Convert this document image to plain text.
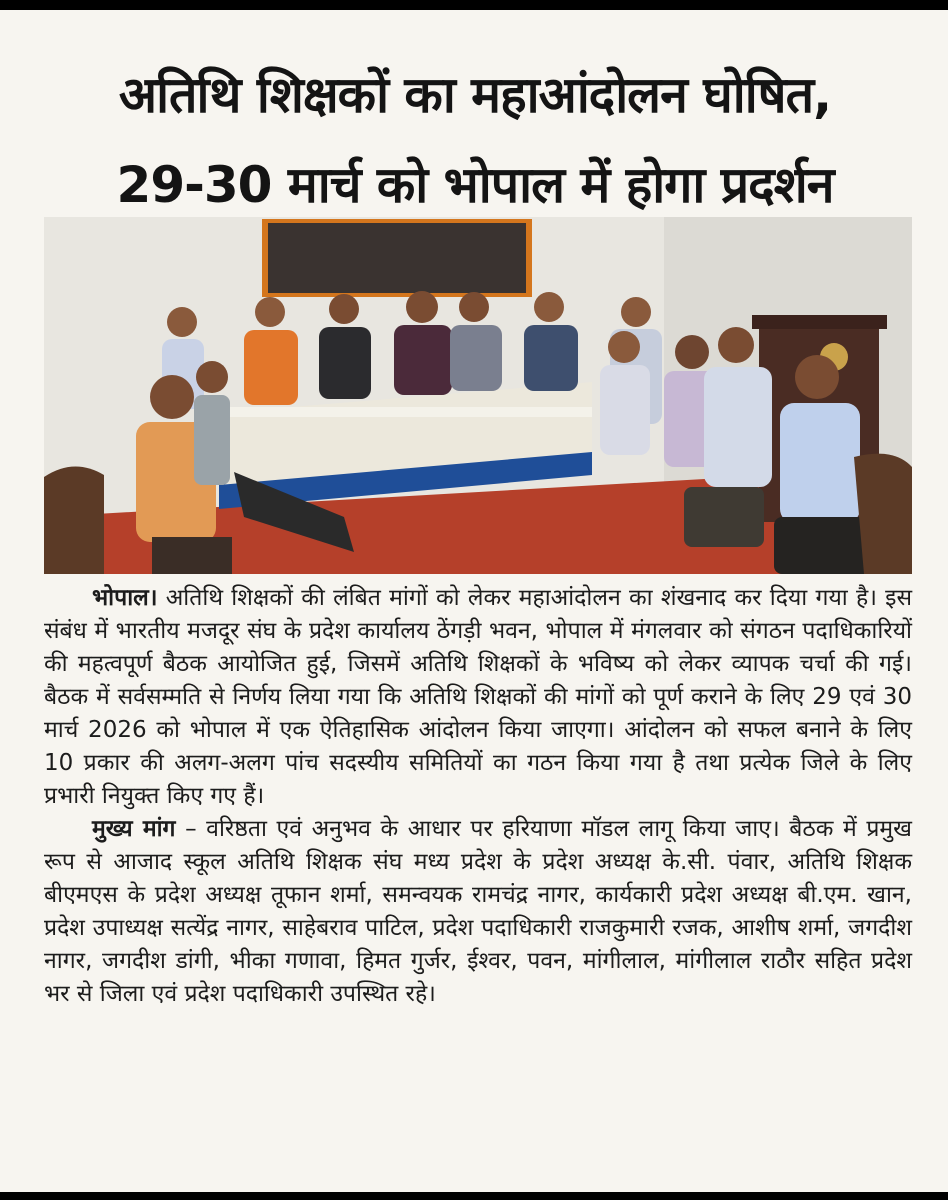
अतिथि शिक्षकों का महाआंदोलन घोषित,
29-30 मार्च को भोपाल में होगा प्रदर्शन

भोपाल। अतिथि शिक्षकों की लंबित मांगों को लेकर महाआंदोलन का शंखनाद कर दिया गया है। इस संबंध में भारतीय मजदूर संघ के प्रदेश कार्यालय ठेंगड़ी भवन, भोपाल में मंगलवार को संगठन पदाधिकारियों की महत्वपूर्ण बैठक आयोजित हुई, जिसमें अतिथि शिक्षकों के भविष्य को लेकर व्यापक चर्चा की गई। बैठक में सर्वसम्मति से निर्णय लिया गया कि अतिथि शिक्षकों की मांगों को पूर्ण कराने के लिए 29 एवं 30 मार्च 2026 को भोपाल में एक ऐतिहासिक आंदोलन किया जाएगा। आंदोलन को सफल बनाने के लिए 10 प्रकार की अलग-अलग पांच सदस्यीय समितियों का गठन किया गया है तथा प्रत्येक जिले के लिए प्रभारी नियुक्त किए गए हैं।

मुख्य मांग – वरिष्ठता एवं अनुभव के आधार पर हरियाणा मॉडल लागू किया जाए। बैठक में प्रमुख रूप से आजाद स्कूल अतिथि शिक्षक संघ मध्य प्रदेश के प्रदेश अध्यक्ष के.सी. पंवार, अतिथि शिक्षक बीएमएस के प्रदेश अध्यक्ष तूफान शर्मा, समन्वयक रामचंद्र नागर, कार्यकारी प्रदेश अध्यक्ष बी.एम. खान, प्रदेश उपाध्यक्ष सत्येंद्र नागर, साहेबराव पाटिल, प्रदेश पदाधिकारी राजकुमारी रजक, आशीष शर्मा, जगदीश नागर, जगदीश डांगी, भीका गणावा, हिमत गुर्जर, ईश्वर, पवन, मांगीलाल, मांगीलाल राठौर सहित प्रदेश भर से जिला एवं प्रदेश पदाधिकारी उपस्थित रहे।
